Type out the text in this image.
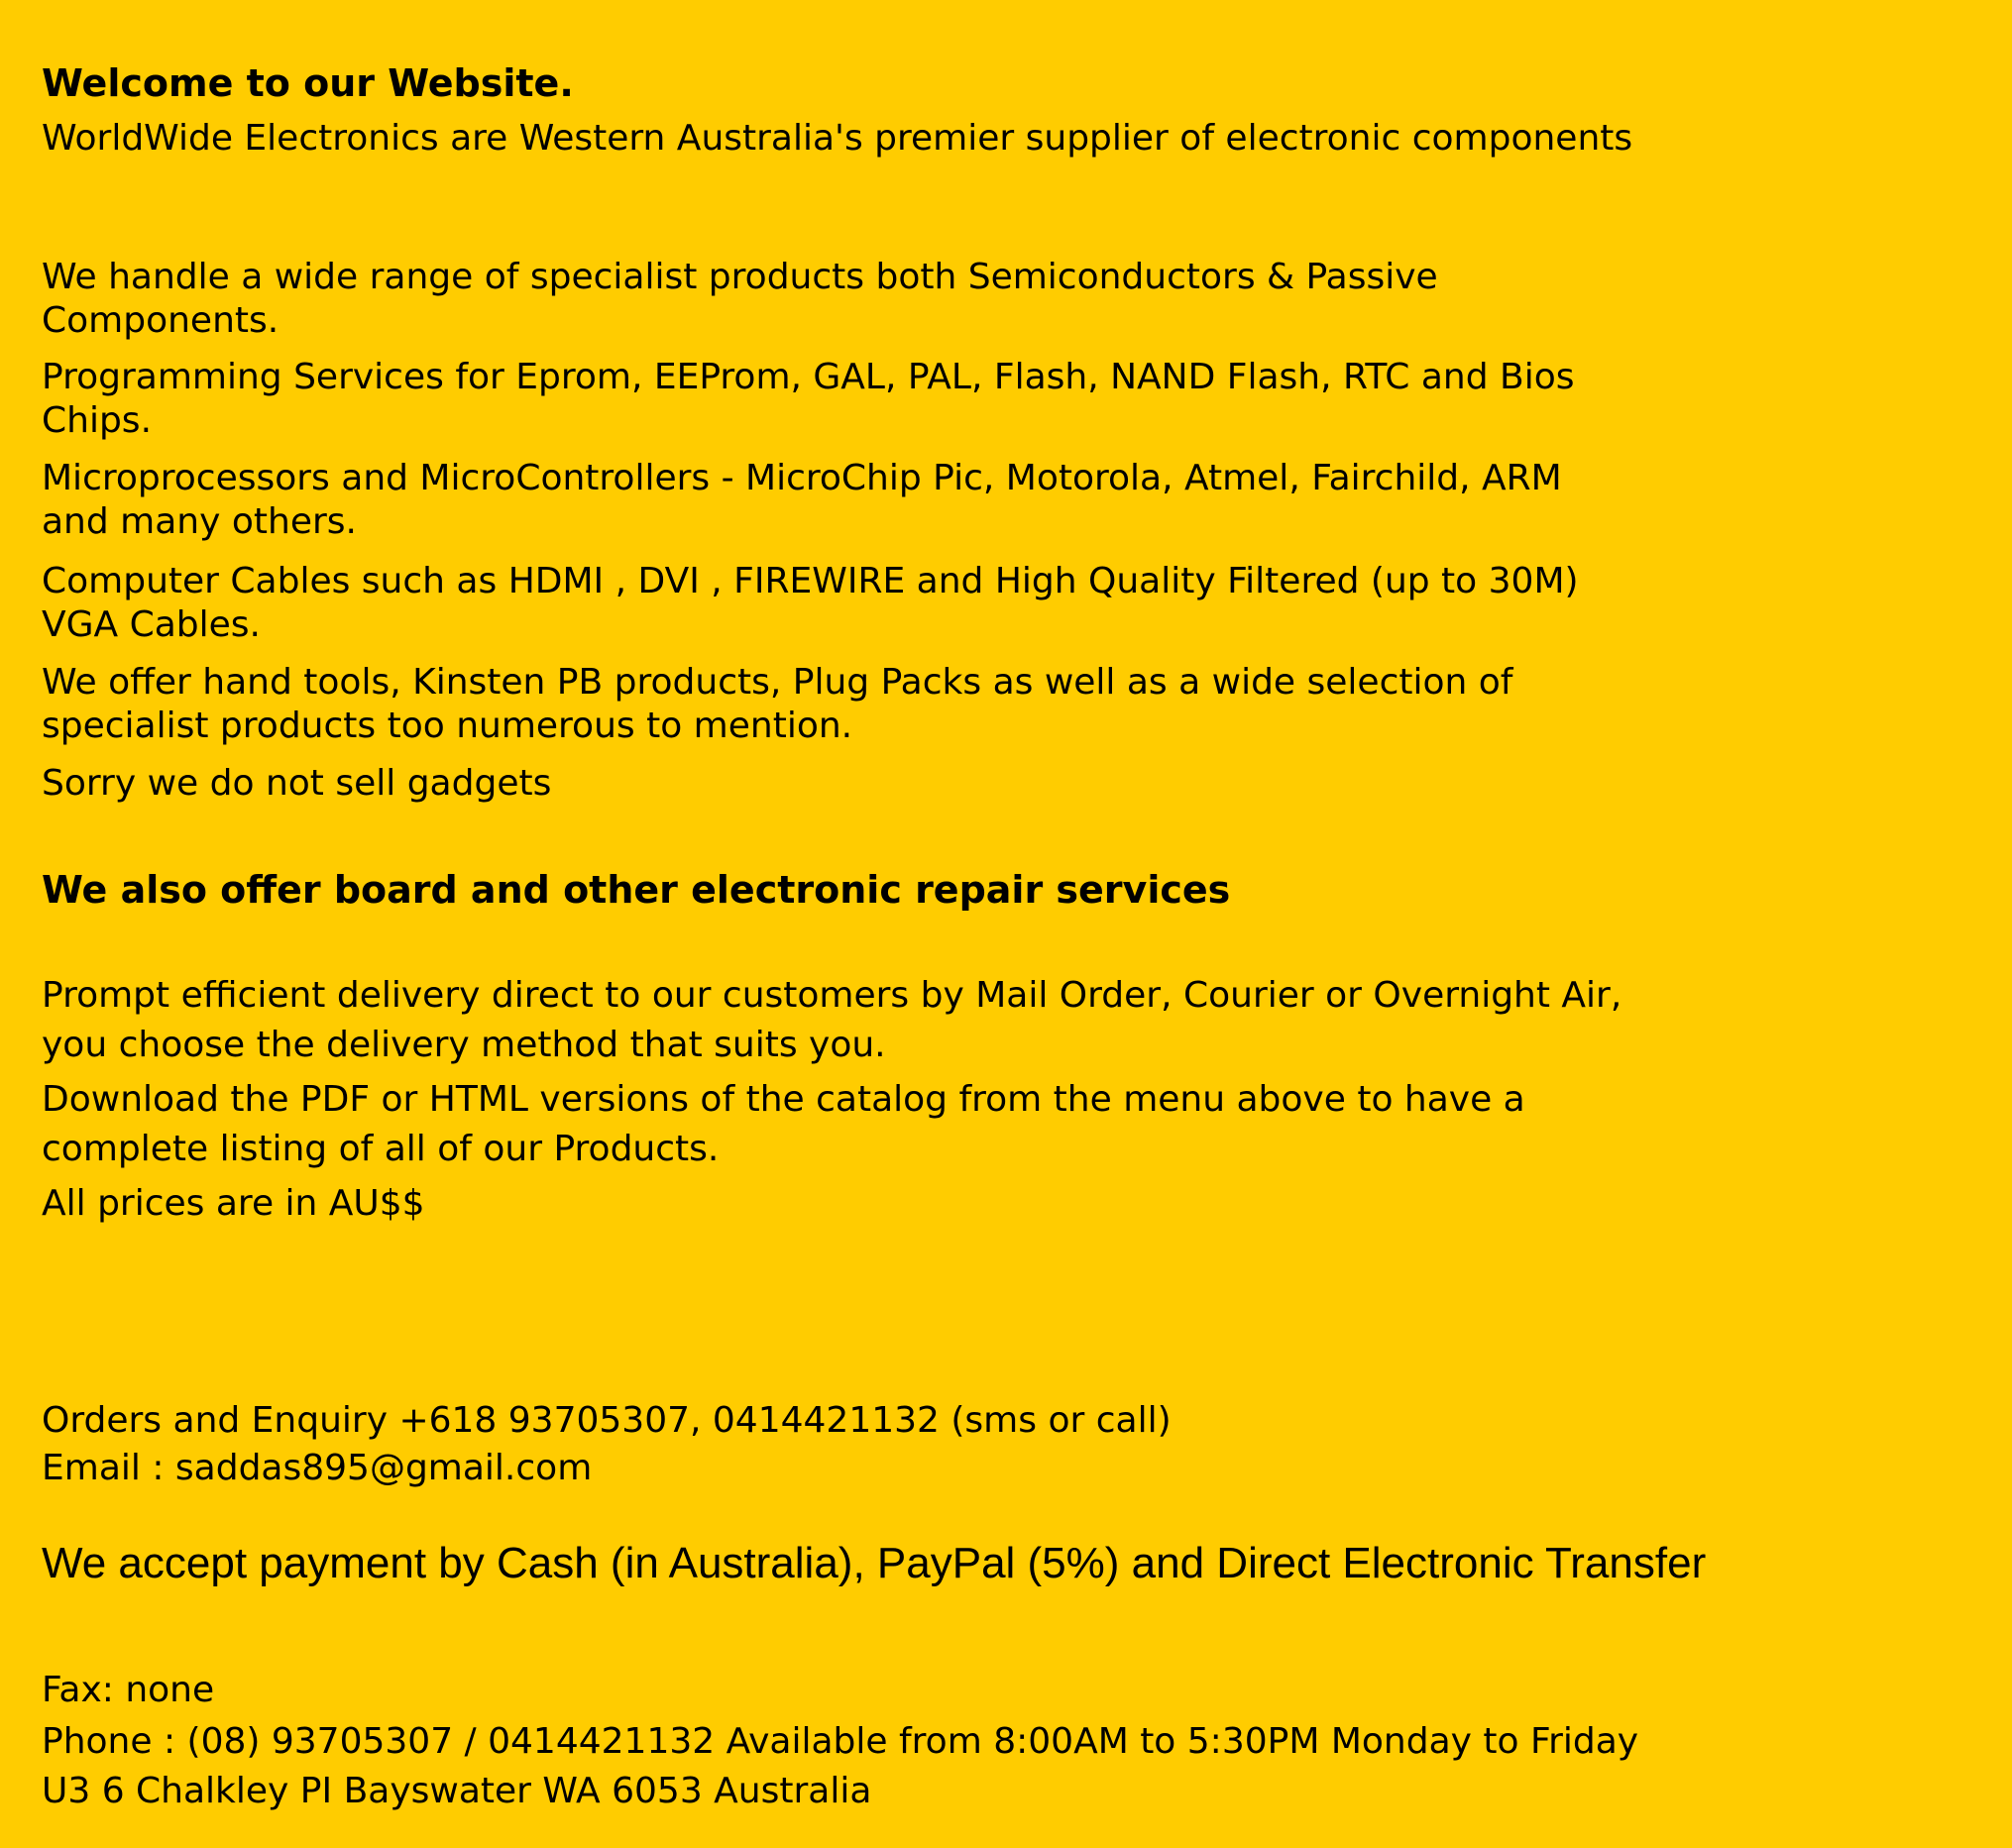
Welcome to our Website.
WorldWide Electronics are Western Australia's premier supplier of electronic components
We handle a wide range of specialist products both Semiconductors & Passive
Components.
Programming Services for Eprom, EEProm, GAL, PAL, Flash, NAND Flash, RTC and Bios
Chips.
Microprocessors and MicroControllers - MicroChip Pic, Motorola, Atmel, Fairchild, ARM
and many others.
Computer Cables such as HDMI , DVI , FIREWIRE and High Quality Filtered (up to 30M)
VGA Cables.
We offer hand tools, Kinsten PB products, Plug Packs as well as a wide selection of
specialist products too numerous to mention.
Sorry we do not sell gadgets
We also offer board and other electronic repair services
Prompt efficient delivery direct to our customers by Mail Order, Courier or Overnight Air,
you choose the delivery method that suits you.
Download the PDF or HTML versions of the catalog from the menu above to have a
complete listing of all of our Products.
All prices are in AU$$
Orders and Enquiry +618 93705307, 0414421132 (sms or call)
Email : saddas895@gmail.com
We accept payment by Cash (in Australia), PayPal (5%) and Direct Electronic Transfer
Fax: none
Phone : (08) 93705307 / 0414421132 Available from 8:00AM to 5:30PM Monday to Friday
U3 6 Chalkley PI Bayswater WA 6053 Australia
